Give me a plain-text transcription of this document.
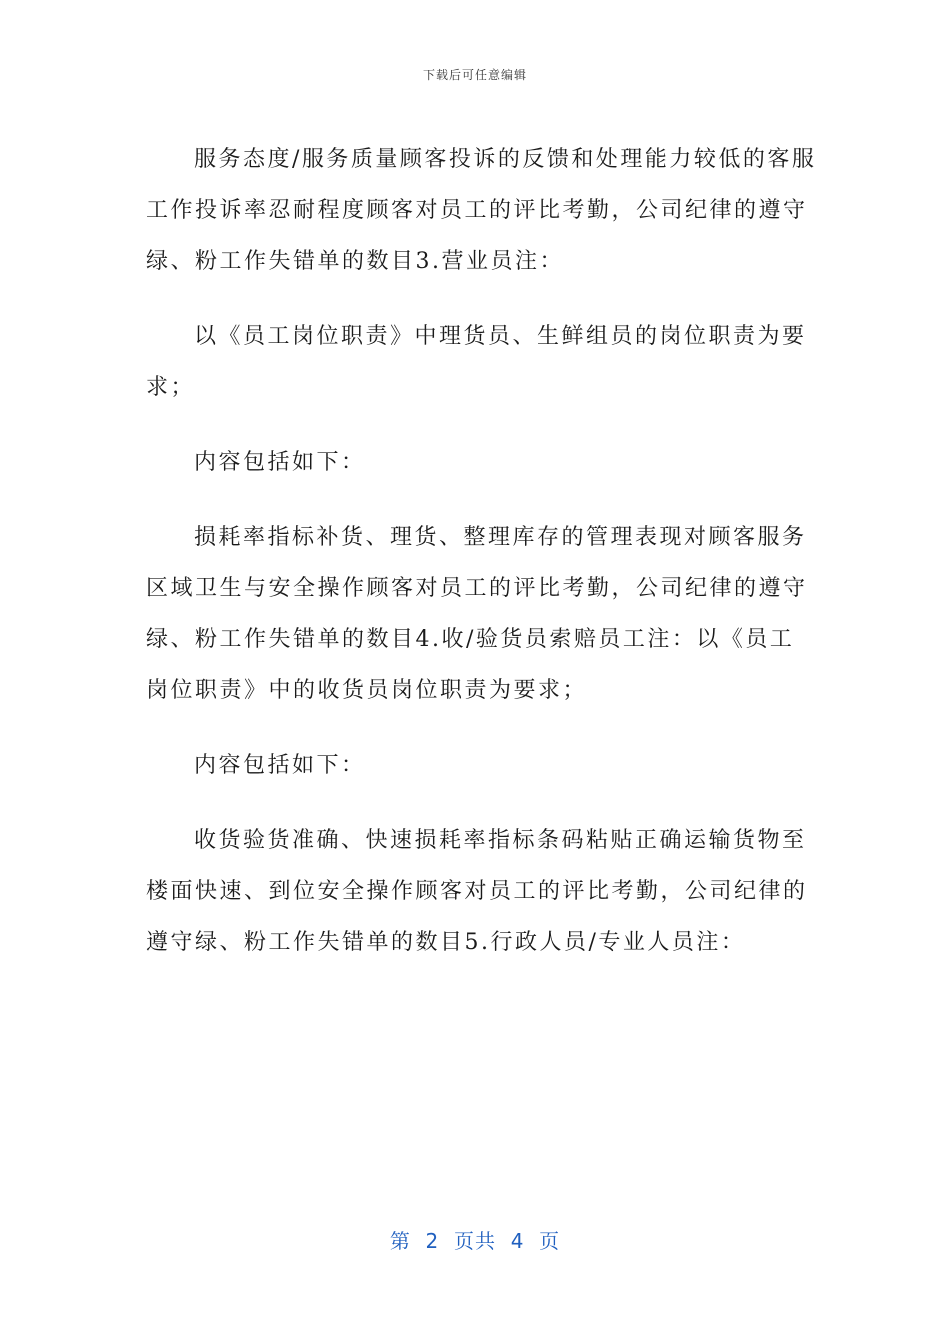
下载后可任意编辑
服务态度/服务质量顾客投诉的反馈和处理能力较低的客服
工作投诉率忍耐程度顾客对员工的评比考勤，公司纪律的遵守
绿、粉工作失错单的数目3.营业员注：
以《员工岗位职责》中理货员、生鲜组员的岗位职责为要
求；
内容包括如下：
损耗率指标补货、理货、整理库存的管理表现对顾客服务
区域卫生与安全操作顾客对员工的评比考勤，公司纪律的遵守
绿、粉工作失错单的数目4.收/验货员索赔员工注：以《员工
岗位职责》中的收货员岗位职责为要求；
内容包括如下：
收货验货准确、快速损耗率指标条码粘贴正确运输货物至
楼面快速、到位安全操作顾客对员工的评比考勤，公司纪律的
遵守绿、粉工作失错单的数目5.行政人员/专业人员注：
第  2  页共  4  页
